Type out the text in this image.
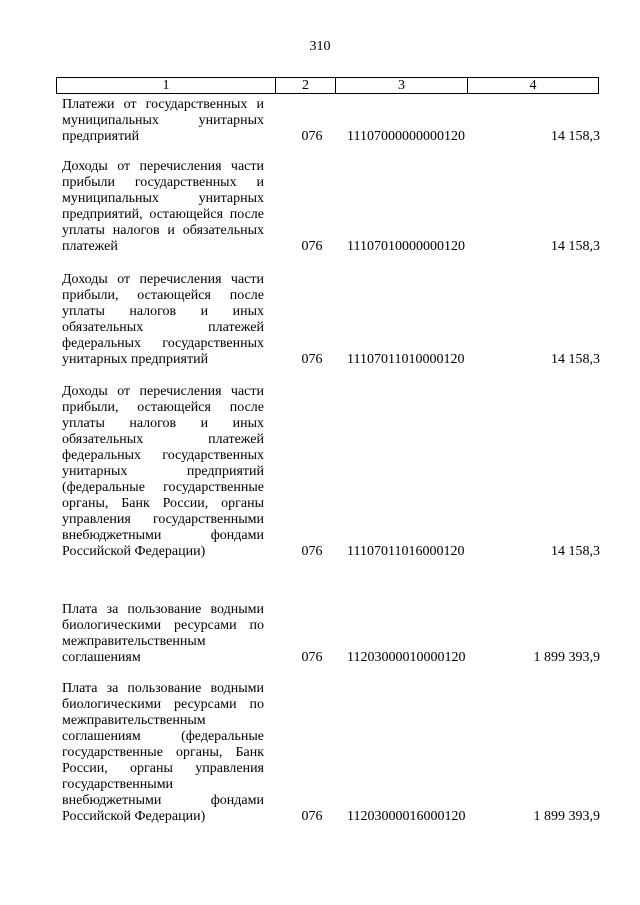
310
1	2	3	4
Платежи от государственных и муниципальных унитарных предприятий	076 11107000000000120	14 158,3
Доходы от перечисления части прибыли государственных и муниципальных унитарных предприятий, остающейся после уплаты налогов и обязательных платежей	076 11107010000000120	14 158,3
Доходы от перечисления части прибыли, остающейся после уплаты налогов и иных обязательных платежей федеральных государственных унитарных предприятий	076 11107011010000120	14 158,3
Доходы от перечисления части прибыли, остающейся после уплаты налогов и иных обязательных платежей федеральных государственных унитарных предприятий (федеральные государственные органы, Банк России, органы управления государственными внебюджетными фондами Российской Федерации)	076 11107011016000120	14 158,3
Плата за пользование водными биологическими ресурсами по межправительственным соглашениям	076 11203000010000120	1 899 393,9
Плата за пользование водными биологическими ресурсами по межправительственным соглашениям (федеральные государственные органы, Банк России, органы управления государственными внебюджетными фондами Российской Федерации)	076 11203000016000120	1 899 393,9
